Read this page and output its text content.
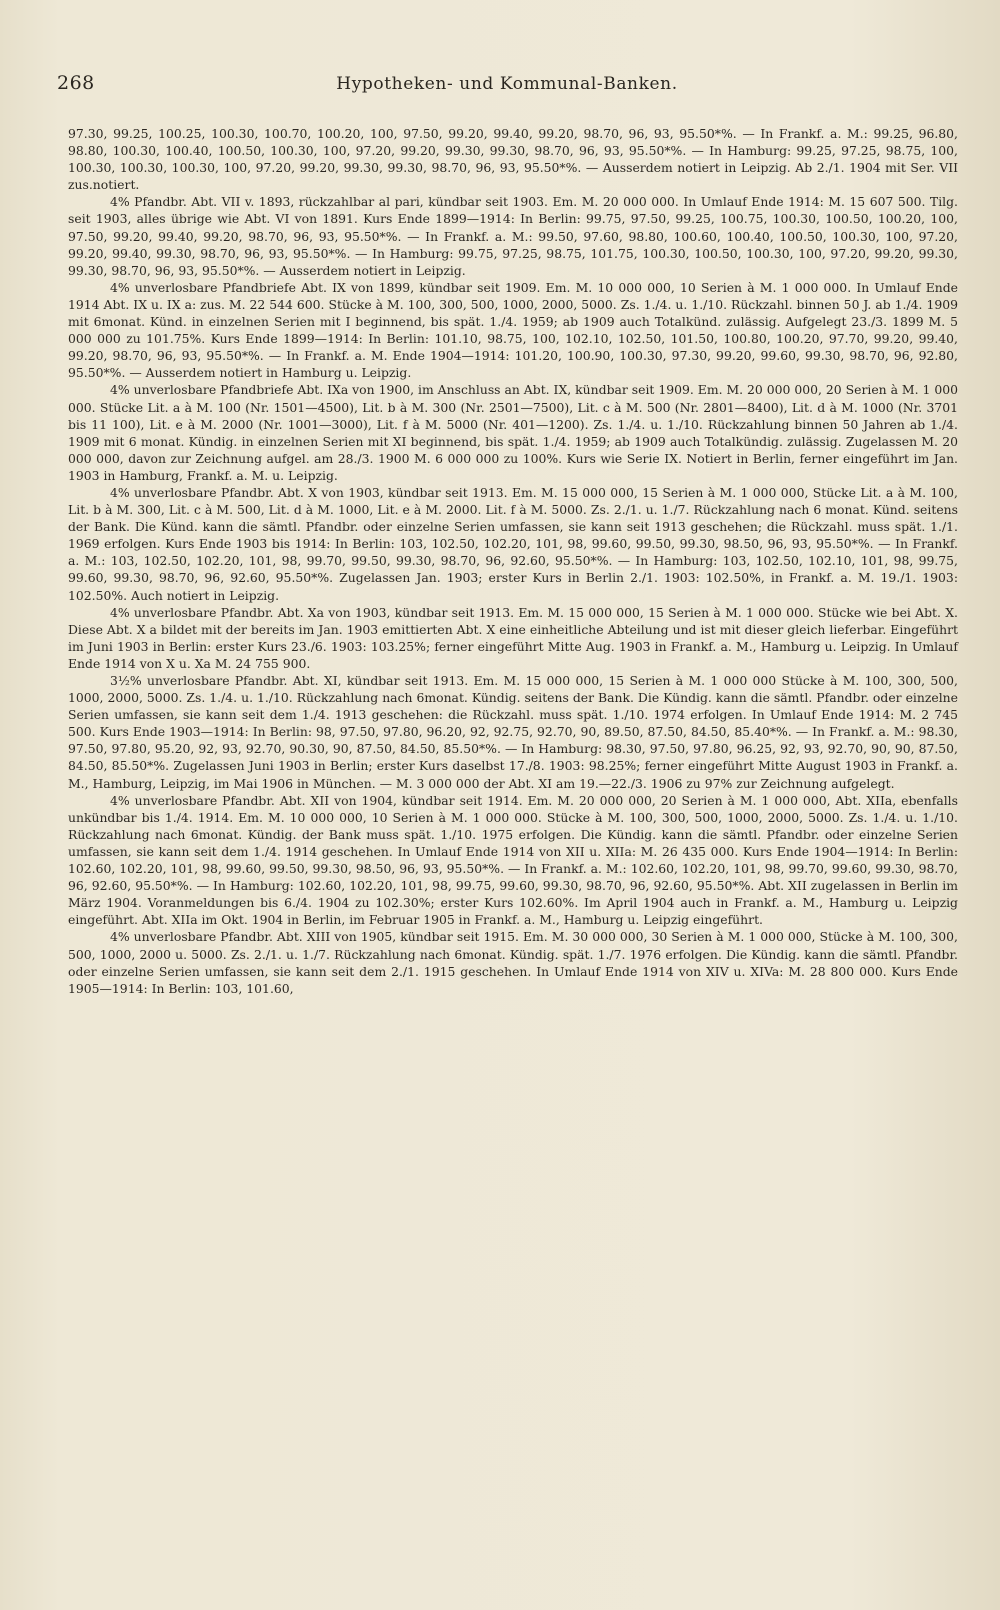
268	Hypotheken- und Kommunal-Banken.

97.30, 99.25, 100.25, 100.30, 100.70, 100.20, 100, 97.50, 99.20, 99.40, 99.20, 98.70, 96, 93, 95.50*%. — In Frankf. a. M.: 99.25, 96.80, 98.80, 100.30, 100.40, 100.50, 100.30, 100, 97.20, 99.20, 99.30, 99.30, 98.70, 96, 93, 95.50*%. — In Hamburg: 99.25, 97.25, 98.75, 100, 100.30, 100.30, 100.30, 100, 97.20, 99.20, 99.30, 99.30, 98.70, 96, 93, 95.50*%. — Ausserdem notiert in Leipzig. Ab 2./1. 1904 mit Ser. VII zus.notiert.

4% Pfandbr. Abt. VII v. 1893, rückzahlbar al pari, kündbar seit 1903. Em. M. 20 000 000. In Umlauf Ende 1914: M. 15 607 500. Tilg. seit 1903, alles übrige wie Abt. VI von 1891. Kurs Ende 1899—1914: In Berlin: 99.75, 97.50, 99.25, 100.75, 100.30, 100.50, 100.20, 100, 97.50, 99.20, 99.40, 99.20, 98.70, 96, 93, 95.50*%. — In Frankf. a. M.: 99.50, 97.60, 98.80, 100.60, 100.40, 100.50, 100.30, 100, 97.20, 99.20, 99.40, 99.30, 98.70, 96, 93, 95.50*%. — In Hamburg: 99.75, 97.25, 98.75, 101.75, 100.30, 100.50, 100.30, 100, 97.20, 99.20, 99.30, 99.30, 98.70, 96, 93, 95.50*%. — Ausserdem notiert in Leipzig.

4% unverlosbare Pfandbriefe Abt. IX von 1899, kündbar seit 1909. Em. M. 10 000 000, 10 Serien à M. 1 000 000. In Umlauf Ende 1914 Abt. IX u. IX a: zus. M. 22 544 600. Stücke à M. 100, 300, 500, 1000, 2000, 5000. Zs. 1./4. u. 1./10. Rückzahl. binnen 50 J. ab 1./4. 1909 mit 6monat. Künd. in einzelnen Serien mit I beginnend, bis spät. 1./4. 1959; ab 1909 auch Totalkünd. zulässig. Aufgelegt 23./3. 1899 M. 5 000 000 zu 101.75%. Kurs Ende 1899—1914: In Berlin: 101.10, 98.75, 100, 102.10, 102.50, 101.50, 100.80, 100.20, 97.70, 99.20, 99.40, 99.20, 98.70, 96, 93, 95.50*%. — In Frankf. a. M. Ende 1904—1914: 101.20, 100.90, 100.30, 97.30, 99.20, 99.60, 99.30, 98.70, 96, 92.80, 95.50*%. — Ausserdem notiert in Hamburg u. Leipzig.

4% unverlosbare Pfandbriefe Abt. IXa von 1900, im Anschluss an Abt. IX, kündbar seit 1909. Em. M. 20 000 000, 20 Serien à M. 1 000 000. Stücke Lit. a à M. 100 (Nr. 1501—4500), Lit. b à M. 300 (Nr. 2501—7500), Lit. c à M. 500 (Nr. 2801—8400), Lit. d à M. 1000 (Nr. 3701 bis 11 100), Lit. e à M. 2000 (Nr. 1001—3000), Lit. f à M. 5000 (Nr. 401—1200). Zs. 1./4. u. 1./10. Rückzahlung binnen 50 Jahren ab 1./4. 1909 mit 6 monat. Kündig. in einzelnen Serien mit XI beginnend, bis spät. 1./4. 1959; ab 1909 auch Totalkündig. zulässig. Zugelassen M. 20 000 000, davon zur Zeichnung aufgel. am 28./3. 1900 M. 6 000 000 zu 100%. Kurs wie Serie IX. Notiert in Berlin, ferner eingeführt im Jan. 1903 in Hamburg, Frankf. a. M. u. Leipzig.

4% unverlosbare Pfandbr. Abt. X von 1903, kündbar seit 1913. Em. M. 15 000 000, 15 Serien à M. 1 000 000, Stücke Lit. a à M. 100, Lit. b à M. 300, Lit. c à M. 500, Lit. d à M. 1000, Lit. e à M. 2000. Lit. f à M. 5000. Zs. 2./1. u. 1./7. Rückzahlung nach 6 monat. Künd. seitens der Bank. Die Künd. kann die sämtl. Pfandbr. oder einzelne Serien umfassen, sie kann seit 1913 geschehen; die Rückzahl. muss spät. 1./1. 1969 erfolgen. Kurs Ende 1903 bis 1914: In Berlin: 103, 102.50, 102.20, 101, 98, 99.60, 99.50, 99.30, 98.50, 96, 93, 95.50*%. — In Frankf. a. M.: 103, 102.50, 102.20, 101, 98, 99.70, 99.50, 99.30, 98.70, 96, 92.60, 95.50*%. — In Hamburg: 103, 102.50, 102.10, 101, 98, 99.75, 99.60, 99.30, 98.70, 96, 92.60, 95.50*%. Zugelassen Jan. 1903; erster Kurs in Berlin 2./1. 1903: 102.50%, in Frankf. a. M. 19./1. 1903: 102.50%. Auch notiert in Leipzig.

4% unverlosbare Pfandbr. Abt. Xa von 1903, kündbar seit 1913. Em. M. 15 000 000, 15 Serien à M. 1 000 000. Stücke wie bei Abt. X. Diese Abt. X a bildet mit der bereits im Jan. 1903 emittierten Abt. X eine einheitliche Abteilung und ist mit dieser gleich lieferbar. Eingeführt im Juni 1903 in Berlin: erster Kurs 23./6. 1903: 103.25%; ferner eingeführt Mitte Aug. 1903 in Frankf. a. M., Hamburg u. Leipzig. In Umlauf Ende 1914 von X u. Xa M. 24 755 900.

3½% unverlosbare Pfandbr. Abt. XI, kündbar seit 1913. Em. M. 15 000 000, 15 Serien à M. 1 000 000 Stücke à M. 100, 300, 500, 1000, 2000, 5000. Zs. 1./4. u. 1./10. Rückzahlung nach 6monat. Kündig. seitens der Bank. Die Kündig. kann die sämtl. Pfandbr. oder einzelne Serien umfassen, sie kann seit dem 1./4. 1913 geschehen: die Rückzahl. muss spät. 1./10. 1974 erfolgen. In Umlauf Ende 1914: M. 2 745 500. Kurs Ende 1903—1914: In Berlin: 98, 97.50, 97.80, 96.20, 92, 92.75, 92.70, 90, 89.50, 87.50, 84.50, 85.40*%. — In Frankf. a. M.: 98.30, 97.50, 97.80, 95.20, 92, 93, 92.70, 90.30, 90, 87.50, 84.50, 85.50*%. — In Hamburg: 98.30, 97.50, 97.80, 96.25, 92, 93, 92.70, 90, 90, 87.50, 84.50, 85.50*%. Zugelassen Juni 1903 in Berlin; erster Kurs daselbst 17./8. 1903: 98.25%; ferner eingeführt Mitte August 1903 in Frankf. a. M., Hamburg, Leipzig, im Mai 1906 in München. — M. 3 000 000 der Abt. XI am 19.—22./3. 1906 zu 97% zur Zeichnung aufgelegt.

4% unverlosbare Pfandbr. Abt. XII von 1904, kündbar seit 1914. Em. M. 20 000 000, 20 Serien à M. 1 000 000, Abt. XIIa, ebenfalls unkündbar bis 1./4. 1914. Em. M. 10 000 000, 10 Serien à M. 1 000 000. Stücke à M. 100, 300, 500, 1000, 2000, 5000. Zs. 1./4. u. 1./10. Rückzahlung nach 6monat. Kündig. der Bank muss spät. 1./10. 1975 erfolgen. Die Kündig. kann die sämtl. Pfandbr. oder einzelne Serien umfassen, sie kann seit dem 1./4. 1914 geschehen. In Umlauf Ende 1914 von XII u. XIIa: M. 26 435 000. Kurs Ende 1904—1914: In Berlin: 102.60, 102.20, 101, 98, 99.60, 99.50, 99.30, 98.50, 96, 93, 95.50*%. — In Frankf. a. M.: 102.60, 102.20, 101, 98, 99.70, 99.60, 99.30, 98.70, 96, 92.60, 95.50*%. — In Hamburg: 102.60, 102.20, 101, 98, 99.75, 99.60, 99.30, 98.70, 96, 92.60, 95.50*%. Abt. XII zugelassen in Berlin im März 1904. Voranmeldungen bis 6./4. 1904 zu 102.30%; erster Kurs 102.60%. Im April 1904 auch in Frankf. a. M., Hamburg u. Leipzig eingeführt. Abt. XIIa im Okt. 1904 in Berlin, im Februar 1905 in Frankf. a. M., Hamburg u. Leipzig eingeführt.

4% unverlosbare Pfandbr. Abt. XIII von 1905, kündbar seit 1915. Em. M. 30 000 000, 30 Serien à M. 1 000 000, Stücke à M. 100, 300, 500, 1000, 2000 u. 5000. Zs. 2./1. u. 1./7. Rückzahlung nach 6monat. Kündig. spät. 1./7. 1976 erfolgen. Die Kündig. kann die sämtl. Pfandbr. oder einzelne Serien umfassen, sie kann seit dem 2./1. 1915 geschehen. In Umlauf Ende 1914 von XIV u. XIVa: M. 28 800 000. Kurs Ende 1905—1914: In Berlin: 103, 101.60,
